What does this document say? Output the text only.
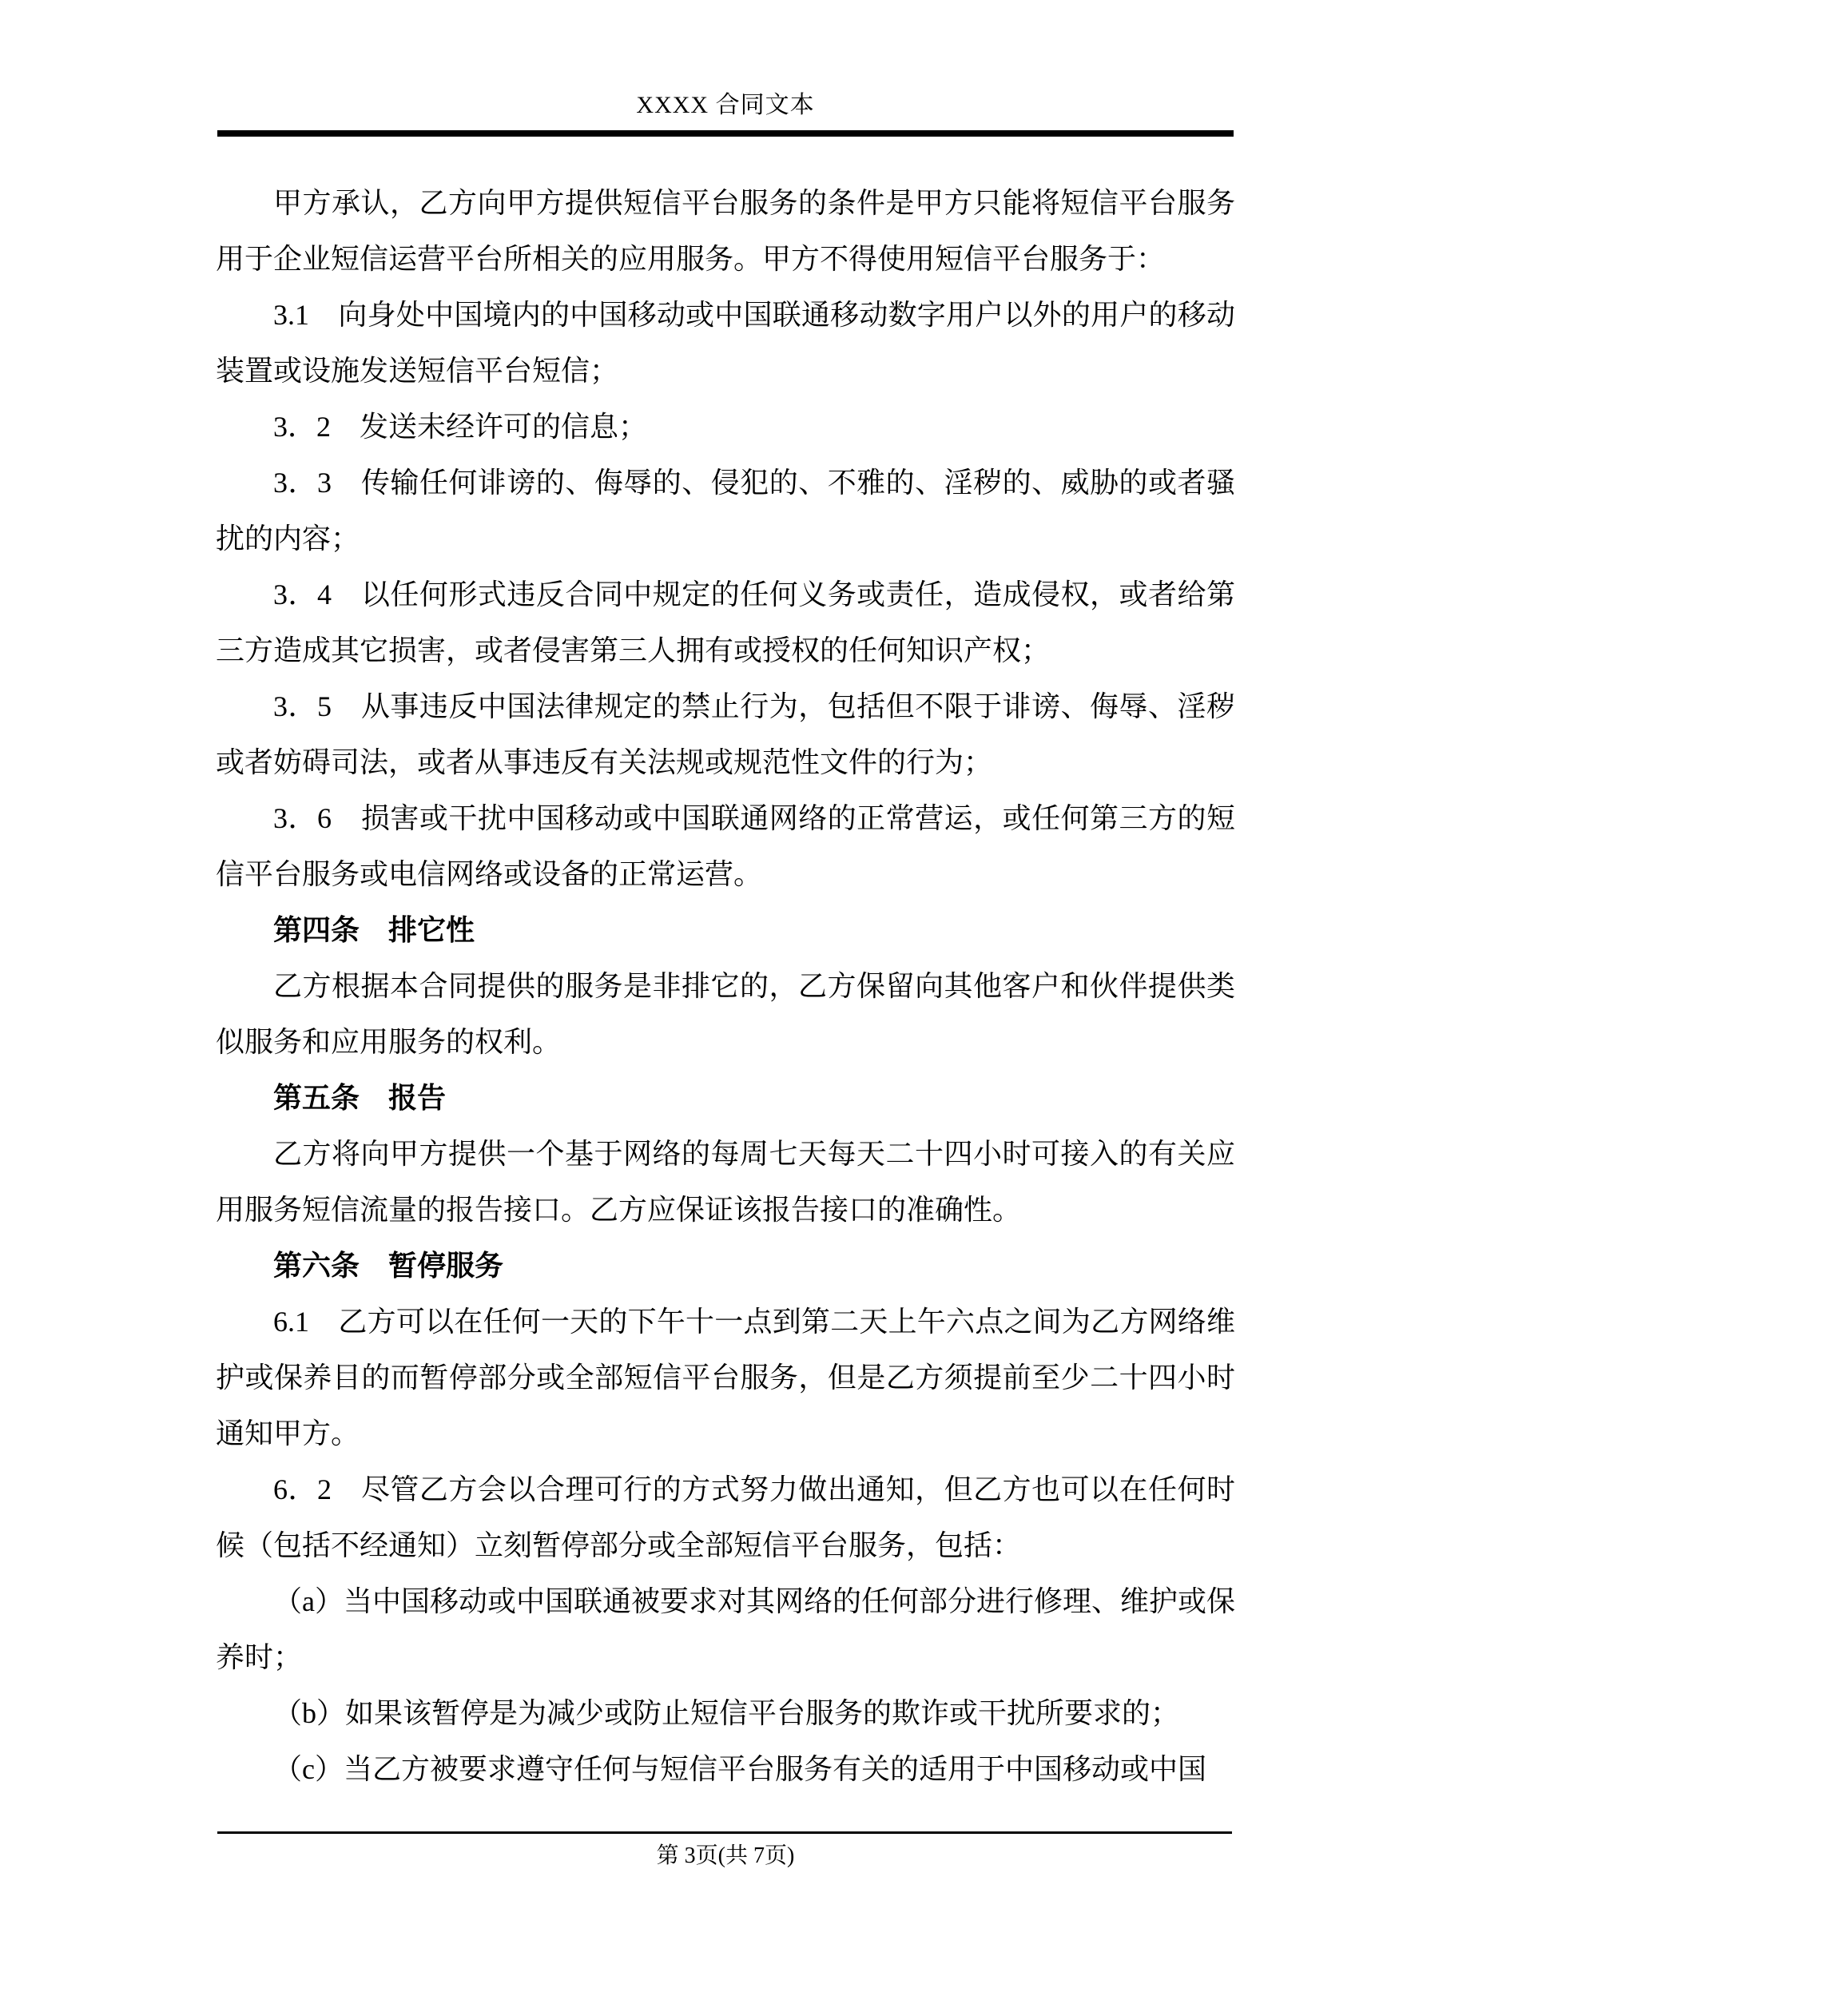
XXXX 合同文本

甲方承认，乙方向甲方提供短信平台服务的条件是甲方只能将短信平台服务用于企业短信运营平台所相关的应用服务。甲方不得使用短信平台服务于：

3.1　向身处中国境内的中国移动或中国联通移动数字用户以外的用户的移动装置或设施发送短信平台短信；

3．2　发送未经许可的信息；

3．3　传输任何诽谤的、侮辱的、侵犯的、不雅的、淫秽的、威胁的或者骚扰的内容；

3．4　以任何形式违反合同中规定的任何义务或责任，造成侵权，或者给第三方造成其它损害，或者侵害第三人拥有或授权的任何知识产权；

3．5　从事违反中国法律规定的禁止行为，包括但不限于诽谤、侮辱、淫秽或者妨碍司法，或者从事违反有关法规或规范性文件的行为；

3．6　损害或干扰中国移动或中国联通网络的正常营运，或任何第三方的短信平台服务或电信网络或设备的正常运营。

第四条　排它性

乙方根据本合同提供的服务是非排它的，乙方保留向其他客户和伙伴提供类似服务和应用服务的权利。

第五条　报告

乙方将向甲方提供一个基于网络的每周七天每天二十四小时可接入的有关应用服务短信流量的报告接口。乙方应保证该报告接口的准确性。

第六条　暂停服务

6.1　乙方可以在任何一天的下午十一点到第二天上午六点之间为乙方网络维护或保养目的而暂停部分或全部短信平台服务，但是乙方须提前至少二十四小时通知甲方。

6．2　尽管乙方会以合理可行的方式努力做出通知，但乙方也可以在任何时候（包括不经通知）立刻暂停部分或全部短信平台服务，包括：

（a）当中国移动或中国联通被要求对其网络的任何部分进行修理、维护或保养时；

（b）如果该暂停是为减少或防止短信平台服务的欺诈或干扰所要求的；

（c）当乙方被要求遵守任何与短信平台服务有关的适用于中国移动或中国

第 3页(共 7页)
